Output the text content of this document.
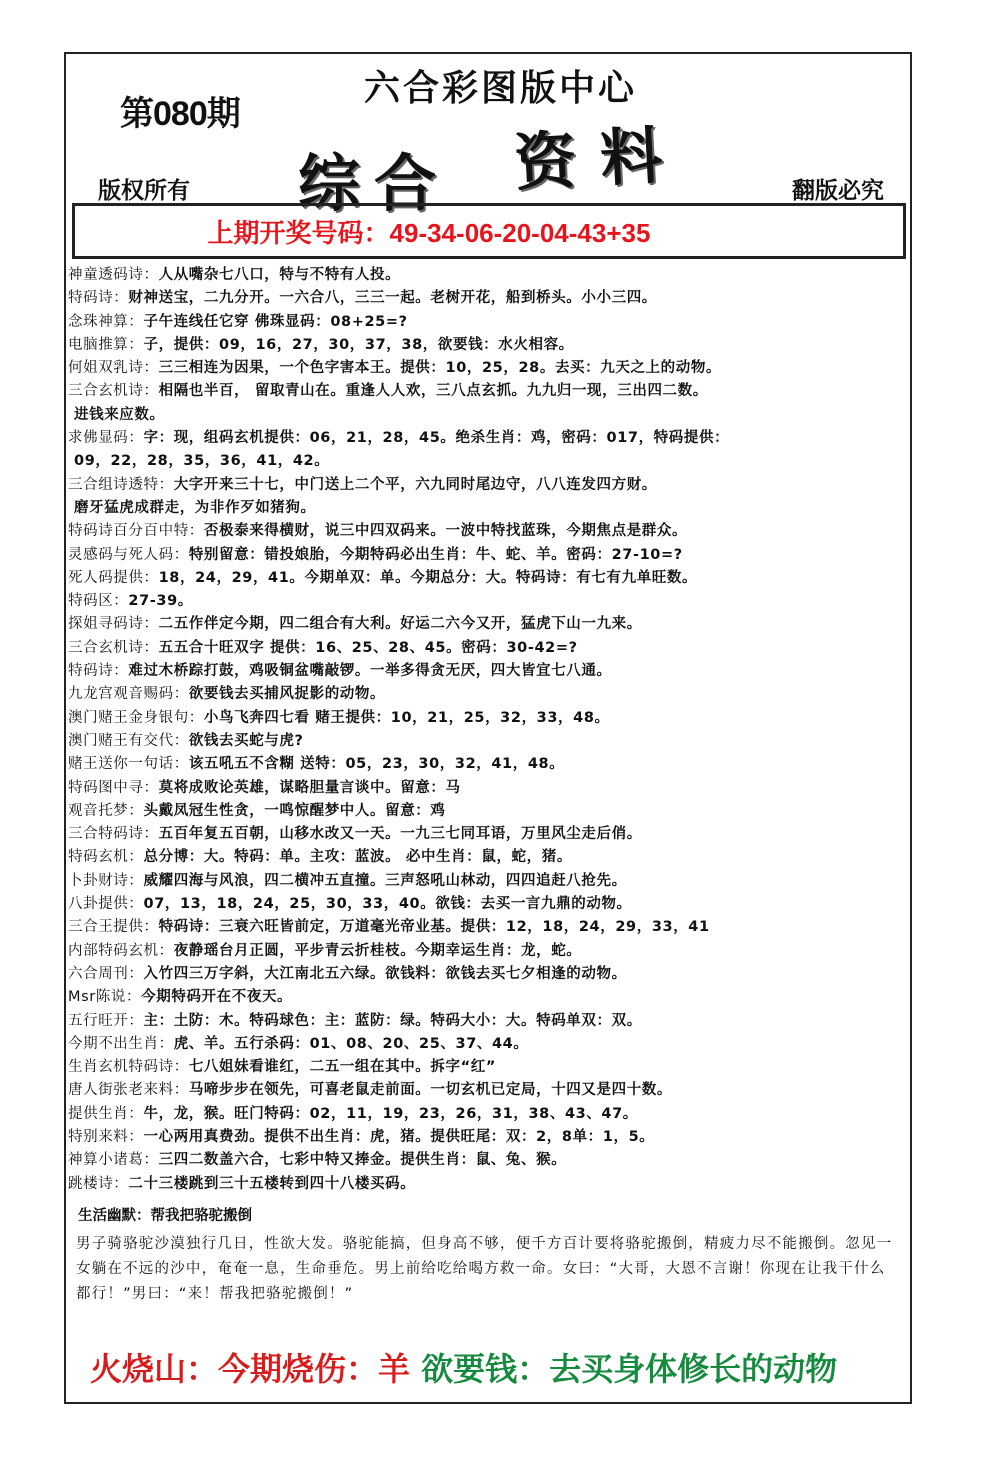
第080期
六合彩图版中心
综合 资料
版权所有	翻版必究
上期开奖号码：49-34-06-20-04-43+35
神童透码诗：人从嘴杂七八口，特与不特有人投。
特码诗：财神送宝，二九分开。一六合八，三三一起。老树开花，船到桥头。小小三四。
念珠神算：子午连线任它穿 佛珠显码：08+25=?
电脑推算：子，提供：09，16，27，30，37，38，欲要钱：水火相容。
何姐双乳诗：三三相连为因果，一个色字害本王。提供：10，25，28。去买：九天之上的动物。
三合玄机诗：相隔也半百， 留取青山在。重逢人人欢，三八点玄抓。九九归一现，三出四二数。
进钱来应数。
求佛显码：字：现，组码玄机提供：06，21，28，45。绝杀生肖：鸡，密码：017，特码提供：
09，22，28，35，36，41，42。
三合组诗透特：大字开来三十七，中门送上二个平，六九同时尾边守，八八连发四方财。
磨牙猛虎成群走，为非作歹如猪狗。
特码诗百分百中特：否极泰来得横财，说三中四双码来。一波中特找蓝珠，今期焦点是群众。
灵感码与死人码：特别留意：错投娘胎，今期特码必出生肖：牛、蛇、羊。密码：27-10=?
死人码提供：18，24，29，41。今期单双：单。今期总分：大。特码诗：有七有九单旺数。
特码区：27-39。
探姐寻码诗：二五作伴定今期，四二组合有大利。好运二六今又开，猛虎下山一九来。
三合玄机诗：五五合十旺双字 提供：16、25、28、45。密码：30-42=?
特码诗：难过木桥踪打鼓，鸡吸铜盆嘴敲锣。一举多得贪无厌，四大皆宜七八通。
九龙宫观音赐码：欲要钱去买捕风捉影的动物。
澳门赌王金身银句：小鸟飞奔四七看 赌王提供：10，21，25，32，33，48。
澳门赌王有交代：欲钱去买蛇与虎?
赌王送你一句话：该五吼五不含糊 送特：05，23，30，32，41，48。
特码图中寻：莫将成败论英雄，谋略胆量言谈中。留意：马
观音托梦：头戴凤冠生性贪，一鸣惊醒梦中人。留意：鸡
三合特码诗：五百年复五百朝，山移水改又一天。一九三七同耳语，万里风尘走后俏。
特码玄机：总分博：大。特码：单。主攻：蓝波。 必中生肖：鼠，蛇，猪。
卜卦财诗：威耀四海与风浪，四二横冲五直撞。三声怒吼山林动，四四追赶八抢先。
八卦提供：07，13，18，24，25，30，33，40。欲钱：去买一言九鼎的动物。
三合王提供：特码诗：三衰六旺皆前定，万道毫光帝业基。提供：12，18，24，29，33，41
内部特码玄机：夜静瑶台月正圆，平步青云折桂枝。今期幸运生肖：龙，蛇。
六合周刊：入竹四三万字斜，大江南北五六绿。欲钱料：欲钱去买七夕相逢的动物。
Msr陈说：今期特码开在不夜天。
五行旺开：主：土防：木。特码球色：主：蓝防：绿。特码大小：大。特码单双：双。
今期不出生肖：虎、羊。五行杀码：01、08、20、25、37、44。
生肖玄机特码诗：七八姐妹看谁红，二五一组在其中。拆字“红”
唐人街张老来料：马啼步步在领先，可喜老鼠走前面。一切玄机已定局，十四又是四十数。
提供生肖：牛，龙，猴。旺门特码：02，11，19，23，26，31，38、43、47。
特别来料：一心两用真费劲。提供不出生肖：虎，猪。提供旺尾：双：2，8单：1，5。
神算小诸葛：三四二数盖六合，七彩中特又捧金。提供生肖：鼠、兔、猴。
跳楼诗：二十三楼跳到三十五楼转到四十八楼买码。
生活幽默：帮我把骆驼搬倒
男子骑骆驼沙漠独行几日，性欲大发。骆驼能搞，但身高不够，便千方百计要将骆驼搬倒，精疲力尽不能搬倒。忽见一女躺在不远的沙中，奄奄一息，生命垂危。男上前给吃给喝方救一命。女曰：“大哥，大恩不言谢！你现在让我干什么都行！”男曰：“来！帮我把骆驼搬倒！”
火烧山：今期烧伤：羊 欲要钱：去买身体修长的动物
